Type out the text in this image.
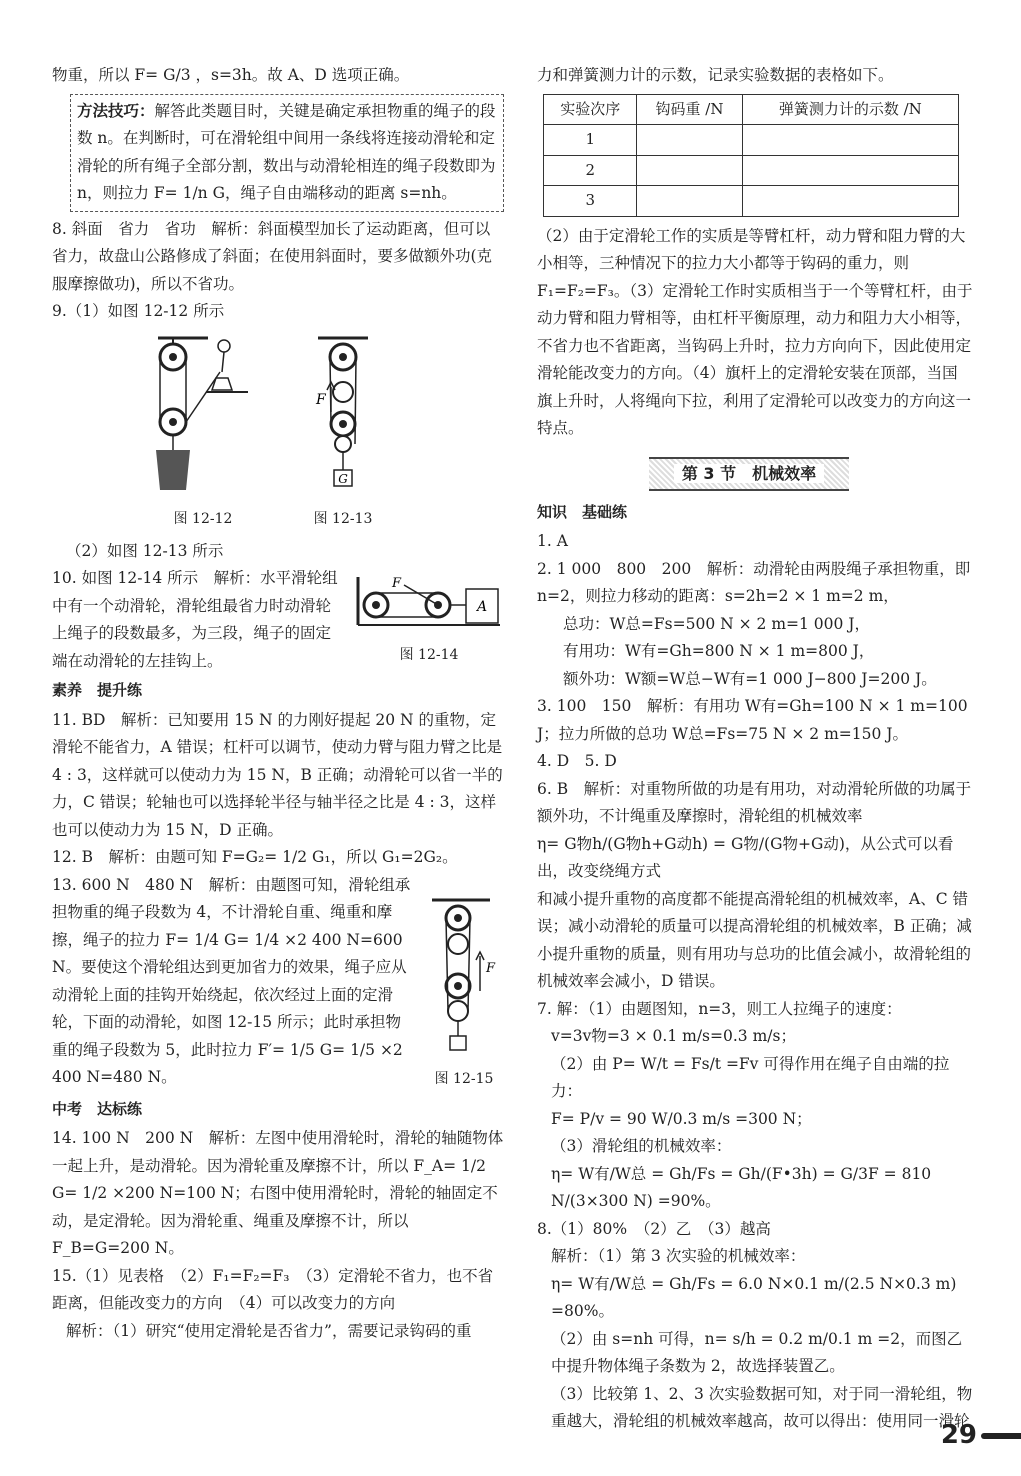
物重，所以 F= G/3 ，s=3h。故 A、D 选项正确。

方法技巧：解答此类题目时，关键是确定承担物重的绳子的段数 n。在判断时，可在滑轮组中间用一条线将连接动滑轮和定滑轮的所有绳子全部分割，数出与动滑轮相连的绳子段数即为 n，则拉力 F= 1/n G，绳子自由端移动的距离 s=nh。

8. 斜面　省力　省功　解析：斜面模型加长了运动距离，但可以省力，故盘山公路修成了斜面；在使用斜面时，要多做额外功(克服摩擦做功)，所以不省功。

9.（1）如图 12-12 所示

图 12-12
G
F
图 12-13

（2）如图 12-13 所示

F
A
图 12-14

10. 如图 12-14 所示　解析：水平滑轮组中有一个动滑轮，滑轮组最省力时动滑轮上绳子的段数最多，为三段，绳子的固定端在动滑轮的左挂钩上。

素养　提升练

11. BD　解析：已知要用 15 N 的力刚好提起 20 N 的重物，定滑轮不能省力，A 错误；杠杆可以调节，使动力臂与阻力臂之比是 4 : 3，这样就可以使动力为 15 N，B 正确；动滑轮可以省一半的力，C 错误；轮轴也可以选择轮半径与轴半径之比是 4 : 3，这样也可以使动力为 15 N，D 正确。

12. B　解析：由题可知 F=G₂= 1/2 G₁，所以 G₁=2G₂。

F
图 12-15

13. 600 N　480 N　解析：由题图可知，滑轮组承担物重的绳子段数为 4，不计滑轮自重、绳重和摩擦，绳子的拉力 F= 1/4 G= 1/4 ×2 400 N=600 N。要使这个滑轮组达到更加省力的效果，绳子应从动滑轮上面的挂钩开始绕起，依次经过上面的定滑轮，下面的动滑轮，如图 12-15 所示；此时承担物重的绳子段数为 5，此时拉力 F′= 1/5 G= 1/5 ×2 400 N=480 N。

中考　达标练

14. 100 N　200 N　解析：左图中使用滑轮时，滑轮的轴随物体一起上升，是动滑轮。因为滑轮重及摩擦不计，所以 F_A= 1/2 G= 1/2 ×200 N=100 N；右图中使用滑轮时，滑轮的轴固定不动，是定滑轮。因为滑轮重、绳重及摩擦不计，所以 F_B=G=200 N。

15.（1）见表格　（2）F₁=F₂=F₃　（3）定滑轮不省力，也不省距离，但能改变力的方向　（4）可以改变力的方向

解析：（1）研究“使用定滑轮是否省力”，需要记录钩码的重

力和弹簧测力计的示数，记录实验数据的表格如下。

实验次序	钩码重 /N	弹簧测力计的示数 /N
1		
2		
3		

（2）由于定滑轮工作的实质是等臂杠杆，动力臂和阻力臂的大小相等，三种情况下的拉力大小都等于钩码的重力，则 F₁=F₂=F₃。（3）定滑轮工作时实质相当于一个等臂杠杆，由于动力臂和阻力臂相等，由杠杆平衡原理，动力和阻力大小相等，不省力也不省距离，当钩码上升时，拉力方向向下，因此使用定滑轮能改变力的方向。（4）旗杆上的定滑轮安装在顶部，当国旗上升时，人将绳向下拉，利用了定滑轮可以改变力的方向这一特点。

第 3 节　机械效率

知识　基础练

1. A

2. 1 000　800　200　解析：动滑轮由两股绳子承担物重，即 n=2，则拉力移动的距离：s=2h=2 × 1 m=2 m，

总功：W总=Fs=500 N × 2 m=1 000 J，

有用功：W有=Gh=800 N × 1 m=800 J，

额外功：W额=W总−W有=1 000 J−800 J=200 J。

3. 100　150　解析：有用功 W有=Gh=100 N × 1 m=100 J；拉力所做的总功 W总=Fs=75 N × 2 m=150 J。

4. D　5. D

6. B　解析：对重物所做的功是有用功，对动滑轮所做的功属于额外功，不计绳重及摩擦时，滑轮组的机械效率

η= G物h/(G物h+G动h) = G物/(G物+G动)，从公式可以看出，改变绕绳方式

和减小提升重物的高度都不能提高滑轮组的机械效率，A、C 错误；减小动滑轮的质量可以提高滑轮组的机械效率，B 正确；减小提升重物的质量，则有用功与总功的比值会减小，故滑轮组的机械效率会减小，D 错误。

7. 解：（1）由题图知，n=3，则工人拉绳子的速度：

v=3v物=3 × 0.1 m/s=0.3 m/s；

（2）由 P= W/t = Fs/t =Fv 可得作用在绳子自由端的拉力：

F= P/v = 90 W/0.3 m/s =300 N；

（3）滑轮组的机械效率：

η= W有/W总 = Gh/Fs = Gh/(F•3h) = G/3F = 810 N/(3×300 N) =90%。

8.（1）80%　（2）乙　（3）越高

解析：（1）第 3 次实验的机械效率：

η= W有/W总 = Gh/Fs = 6.0 N×0.1 m/(2.5 N×0.3 m) =80%。

（2）由 s=nh 可得，n= s/h = 0.2 m/0.1 m =2，而图乙中提升物体绳子条数为 2，故选择装置乙。

（3）比较第 1、2、3 次实验数据可知，对于同一滑轮组，物重越大，滑轮组的机械效率越高，故可以得出：使用同一滑轮

29
